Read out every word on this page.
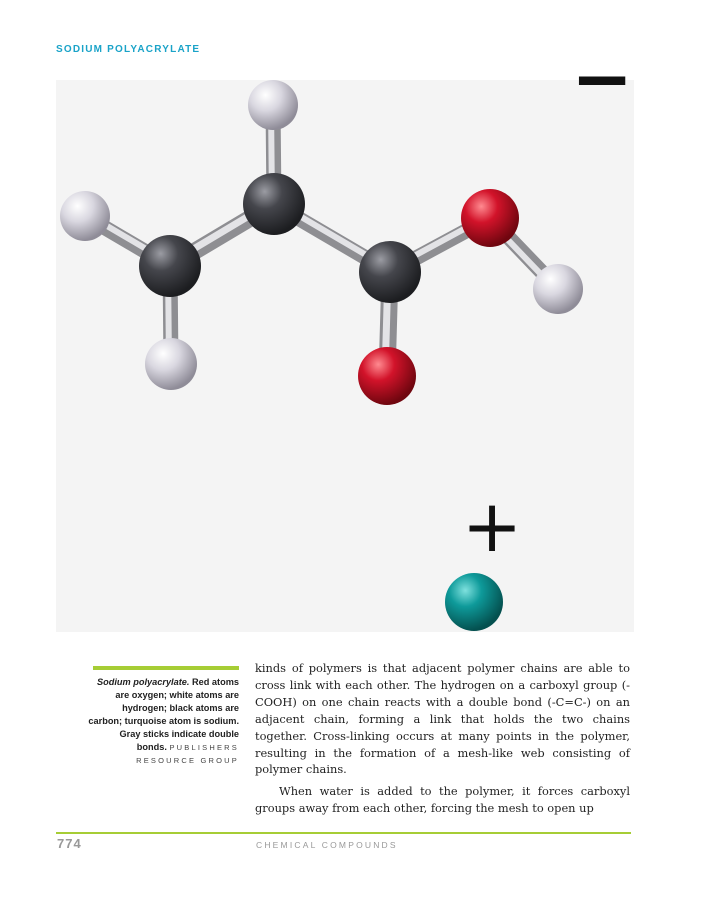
SODIUM POLYACRYLATE	−
+
Sodium polyacrylate. Red atoms are oxygen; white atoms are hydrogen; black atoms are carbon; turquoise atom is sodium. Gray sticks indicate double bonds. PUBLISHERS RESOURCE GROUP

kinds of polymers is that adjacent polymer chains are able to cross link with each other. The hydrogen on a carboxyl group (-COOH) on one chain reacts with a double bond (-C=C-) on an adjacent chain, forming a link that holds the two chains together. Cross-linking occurs at many points in the polymer, resulting in the formation of a mesh-like web consisting of polymer chains.

When water is added to the polymer, it forces carboxyl groups away from each other, forcing the mesh to open up

774	CHEMICAL COMPOUNDS
